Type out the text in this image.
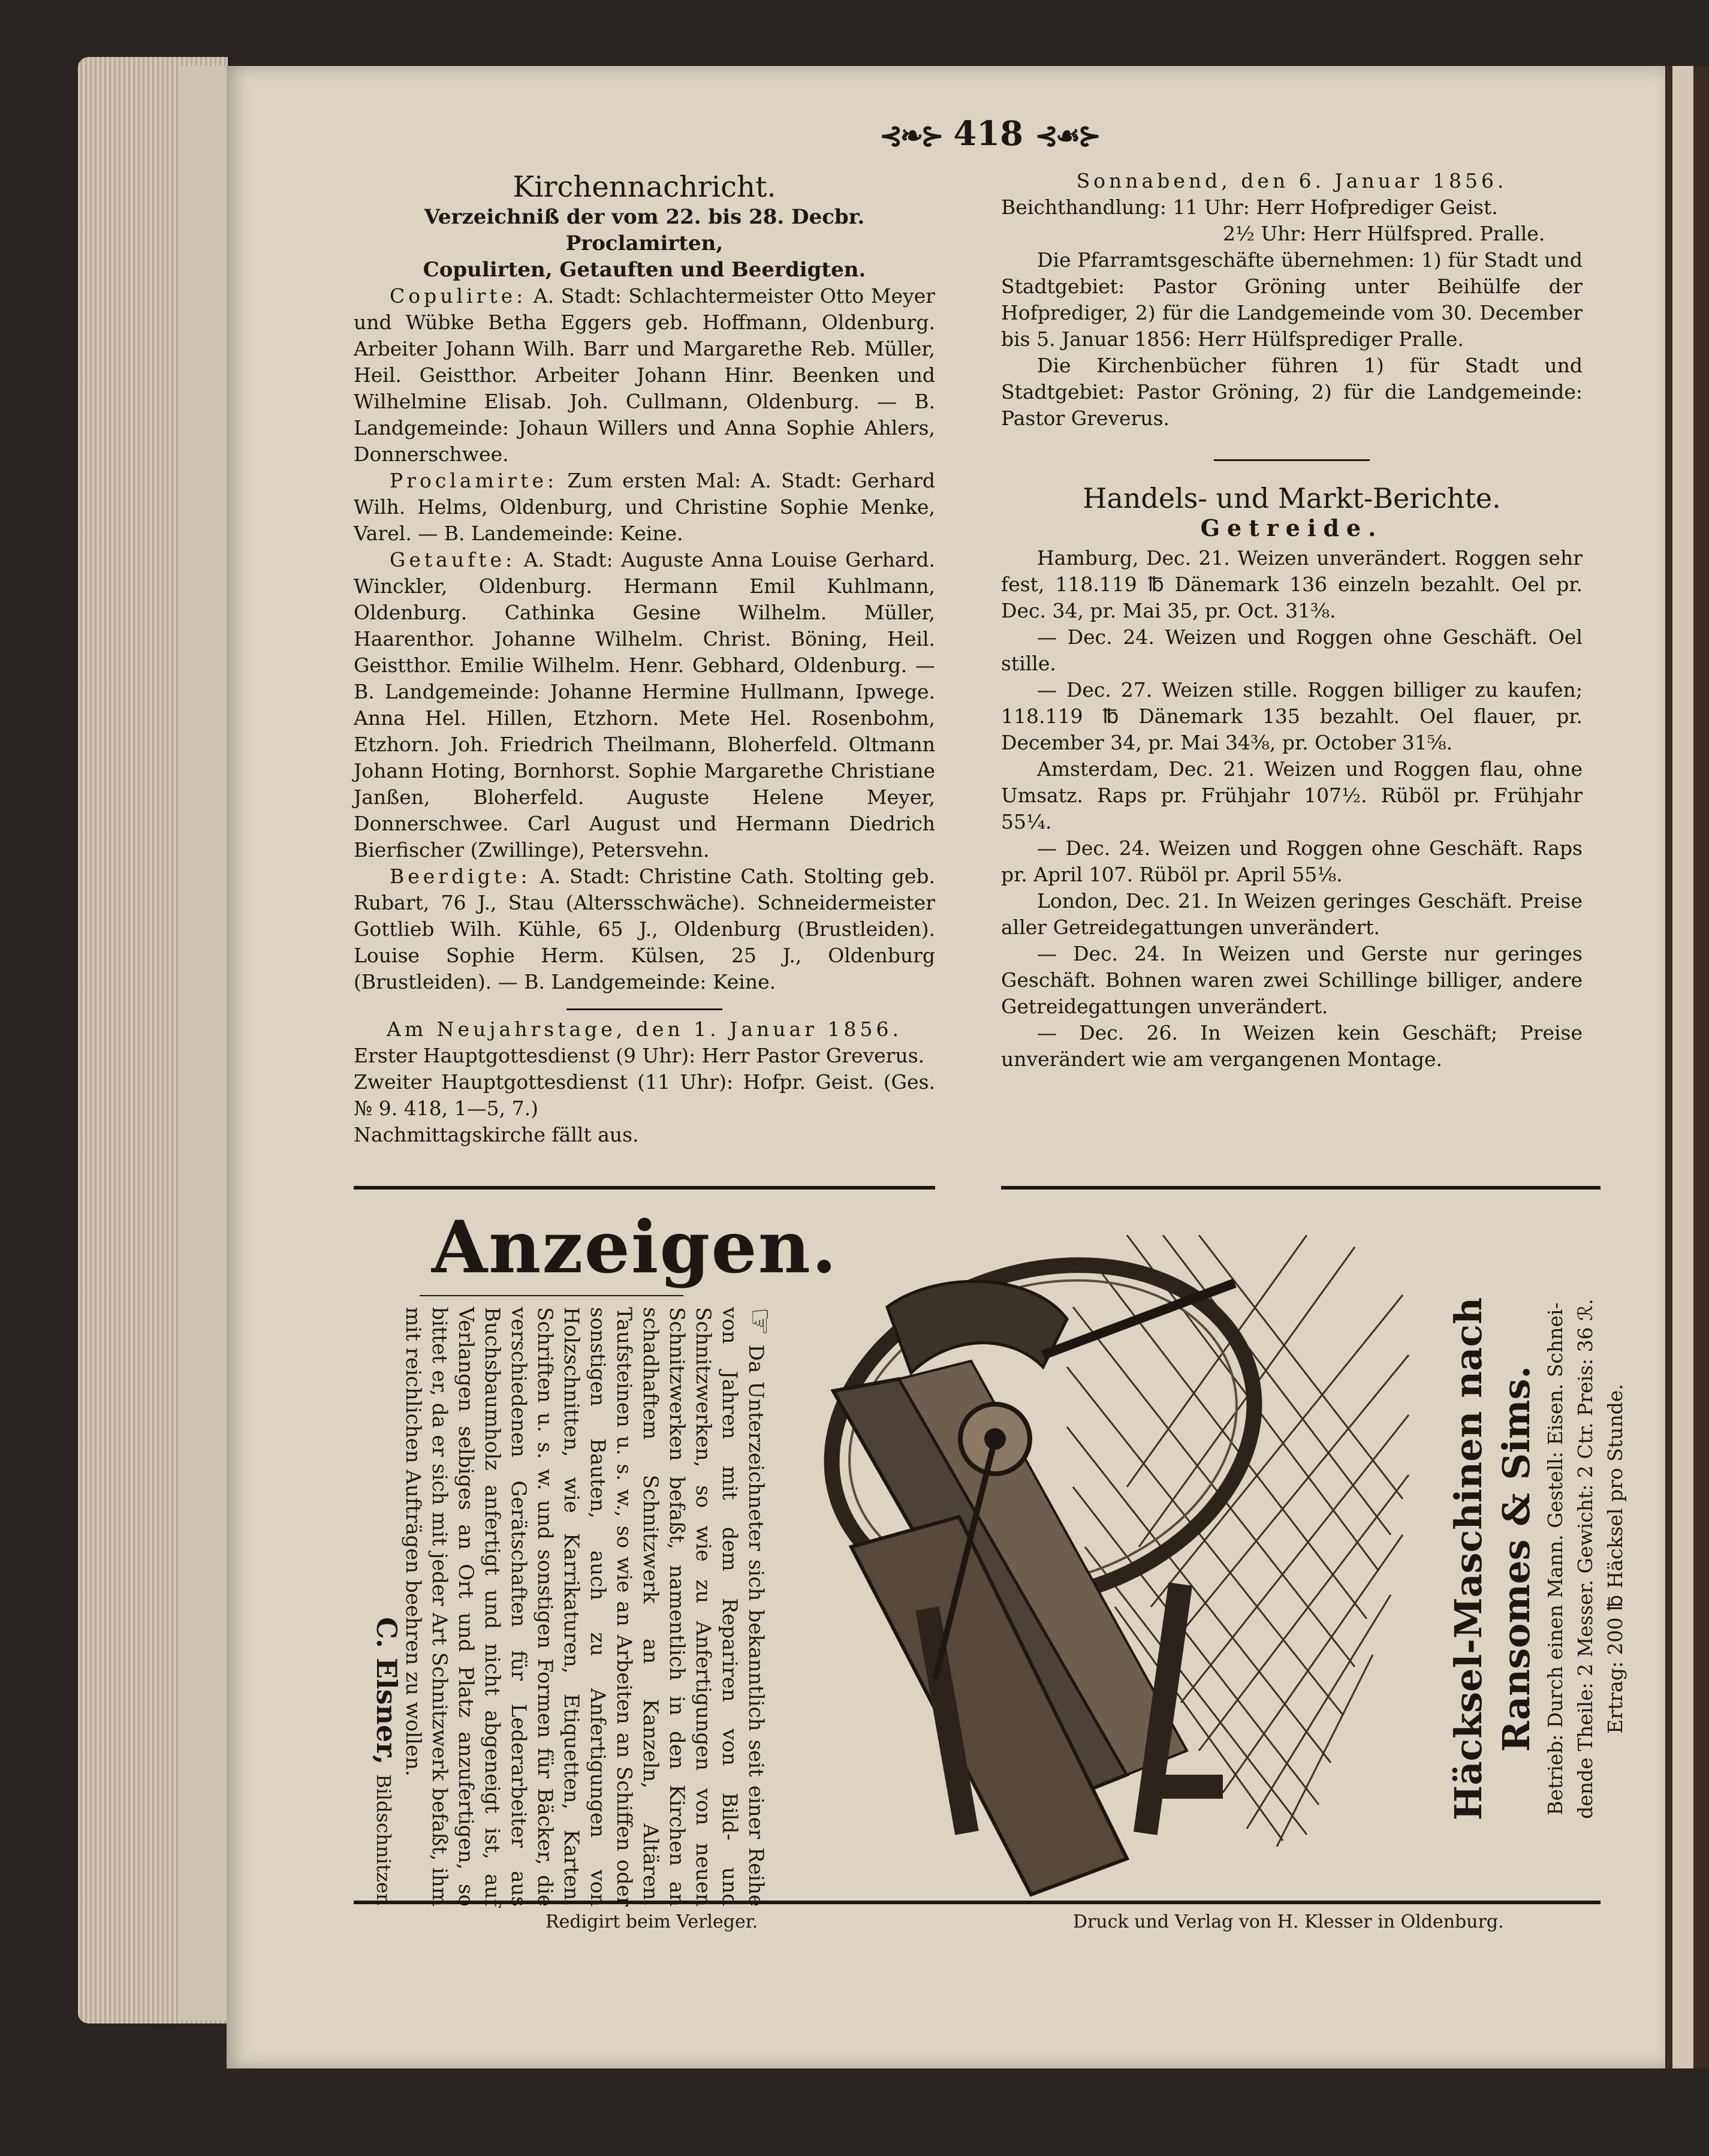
⊰❧⊱ 418 ⊰☙⊱

Kirchennachricht.

Verzeichniß der vom 22. bis 28. Decbr. Proclamirten,

Copulirten, Getauften und Beerdigten.

Copulirte: A. Stadt: Schlachtermeister Otto Meyer und Wübke Betha Eggers geb. Hoffmann, Oldenburg. Arbeiter Johann Wilh. Barr und Margarethe Reb. Müller, Heil. Geistthor. Arbeiter Johann Hinr. Beenken und Wilhelmine Elisab. Joh. Cullmann, Oldenburg. — B. Landgemeinde: Johaun Willers und Anna Sophie Ahlers, Donnerschwee.

Proclamirte: Zum ersten Mal: A. Stadt: Gerhard Wilh. Helms, Oldenburg, und Christine Sophie Menke, Varel. — B. Landemeinde: Keine.

Getaufte: A. Stadt: Auguste Anna Louise Gerhard. Winckler, Oldenburg. Hermann Emil Kuhlmann, Oldenburg. Cathinka Gesine Wilhelm. Müller, Haarenthor. Johanne Wilhelm. Christ. Böning, Heil. Geistthor. Emilie Wilhelm. Henr. Gebhard, Oldenburg. — B. Landgemeinde: Johanne Hermine Hullmann, Ipwege. Anna Hel. Hillen, Etzhorn. Mete Hel. Rosenbohm, Etzhorn. Joh. Friedrich Theilmann, Bloherfeld. Oltmann Johann Hoting, Bornhorst. Sophie Margarethe Christiane Janßen, Bloherfeld. Auguste Helene Meyer, Donnerschwee. Carl August und Hermann Diedrich Bierfischer (Zwillinge), Petersvehn.

Beerdigte: A. Stadt: Christine Cath. Stolting geb. Rubart, 76 J., Stau (Altersschwäche). Schneidermeister Gottlieb Wilh. Kühle, 65 J., Oldenburg (Brustleiden). Louise Sophie Herm. Külsen, 25 J., Oldenburg (Brustleiden). — B. Landgemeinde: Keine.

Am Neujahrstage, den 1. Januar 1856.

Erster Hauptgottesdienst (9 Uhr): Herr Pastor Greverus.

Zweiter Hauptgottesdienst (11 Uhr): Hofpr. Geist. (Ges. № 9. 418, 1—5, 7.)

Nachmittagskirche fällt aus.

Sonnabend, den 6. Januar 1856.

Beichthandlung: 11 Uhr: Herr Hofprediger Geist.

2½ Uhr: Herr Hülfspred. Pralle.

Die Pfarramtsgeschäfte übernehmen: 1) für Stadt und Stadtgebiet: Pastor Gröning unter Beihülfe der Hofprediger, 2) für die Landgemeinde vom 30. December bis 5. Januar 1856: Herr Hülfsprediger Pralle.

Die Kirchenbücher führen 1) für Stadt und Stadtgebiet: Pastor Gröning, 2) für die Landgemeinde: Pastor Greverus.

Handels- und Markt-Berichte.

Getreide.

Hamburg, Dec. 21. Weizen unverändert. Roggen sehr fest, 118.119 ℔ Dänemark 136 einzeln bezahlt. Oel pr. Dec. 34, pr. Mai 35, pr. Oct. 31⅜.

— Dec. 24. Weizen und Roggen ohne Geschäft. Oel stille.

— Dec. 27. Weizen stille. Roggen billiger zu kaufen; 118.119 ℔ Dänemark 135 bezahlt. Oel flauer, pr. December 34, pr. Mai 34⅜, pr. October 31⅝.

Amsterdam, Dec. 21. Weizen und Roggen flau, ohne Umsatz. Raps pr. Frühjahr 107½. Rüböl pr. Frühjahr 55¼.

— Dec. 24. Weizen und Roggen ohne Geschäft. Raps pr. April 107. Rüböl pr. April 55⅛.

London, Dec. 21. In Weizen geringes Geschäft. Preise aller Getreidegattungen unverändert.

— Dec. 24. In Weizen und Gerste nur geringes Geschäft. Bohnen waren zwei Schillinge billiger, andere Getreidegattungen unverändert.

— Dec. 26. In Weizen kein Geschäft; Preise unverändert wie am vergangenen Montage.

Anzeigen.

☞ Da Unterzeichneter sich bekanntlich seit einer Reihe von Jahren mit dem Repariren von Bild- und Schnitzwerken, so wie zu Anfertigungen von neuen Schnitzwerken befaßt, namentlich in den Kirchen an schadhaftem Schnitzwerk an Kanzeln, Altären, Taufsteinen u. s. w., so wie an Arbeiten an Schiffen oder sonstigen Bauten, auch zu Anfertigungen von Holzschnitten, wie Karrikaturen, Etiquetten, Karten, Schriften u. s. w. und sonstigen Formen für Bäcker, die verschiedenen Gerätschaften für Lederarbeiter aus Buchsbaumholz anfertigt und nicht abgeneigt ist, auf Verlangen selbiges an Ort und Platz anzufertigen, so bittet er, da er sich mit jeder Art Schnitzwerk befaßt, ihm mit reichlichen Aufträgen beehren zu wollen.

C. Elsner, Bildschnitzer.

Häcksel-Maschinen nach Ransomes & Sims. Betrieb: Durch einen Mann. Gestell: Eisen. Schnei- dende Theile: 2 Messer. Gewicht: 2 Ctr. Preis: 36 ℛ. Ertrag: 200 ℔ Häcksel pro Stunde.
Redigirt beim Verleger.	Druck und Verlag von H. Klesser in Oldenburg.
